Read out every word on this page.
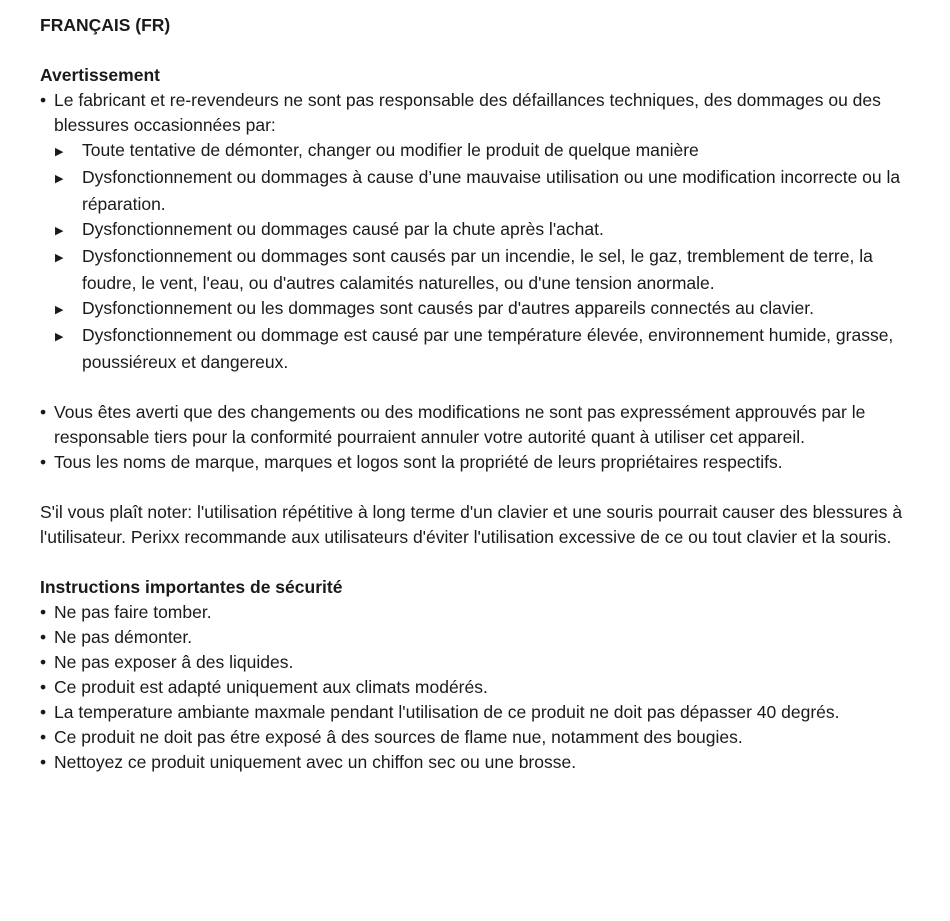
FRANÇAIS (FR)

Avertissement

• Le fabricant et re-revendeurs ne sont pas responsable des défaillances techniques, des dommages ou des blessures occasionnées par:
▶ Toute tentative de démonter, changer ou modifier le produit de quelque manière
▶ Dysfonctionnement ou dommages à cause d’une mauvaise utilisation ou une modification incorrecte ou la réparation.
▶ Dysfonctionnement ou dommages causé par la chute après l'achat.
▶ Dysfonctionnement ou dommages sont causés par un incendie, le sel, le gaz, tremblement de terre, la foudre, le vent, l'eau, ou d'autres calamités naturelles, ou d'une tension anormale.
▶ Dysfonctionnement ou les dommages sont causés par d'autres appareils connectés au clavier.
▶ Dysfonctionnement ou dommage est causé par une température élevée, environnement humide, grasse, poussiéreux et dangereux.
• Vous êtes averti que des changements ou des modifications ne sont pas expressément approuvés par le responsable tiers pour la conformité pourraient annuler votre autorité quant à utiliser cet appareil.
• Tous les noms de marque, marques et logos sont la propriété de leurs propriétaires respectifs.

S'il vous plaît noter: l'utilisation répétitive à long terme d'un clavier et une souris pourrait causer des blessures à l'utilisateur. Perixx recommande aux utilisateurs d'éviter l'utilisation excessive de ce ou tout clavier et la souris.

Instructions importantes de sécurité

• Ne pas faire tomber.
• Ne pas démonter.
• Ne pas exposer â des liquides.
• Ce produit est adapté uniquement aux climats modérés.
• La temperature ambiante maxmale pendant l'utilisation de ce produit ne doit pas dépasser 40 degrés.
• Ce produit ne doit pas étre exposé â des sources de flame nue, notamment des bougies.
• Nettoyez ce produit uniquement avec un chiffon sec ou une brosse.
